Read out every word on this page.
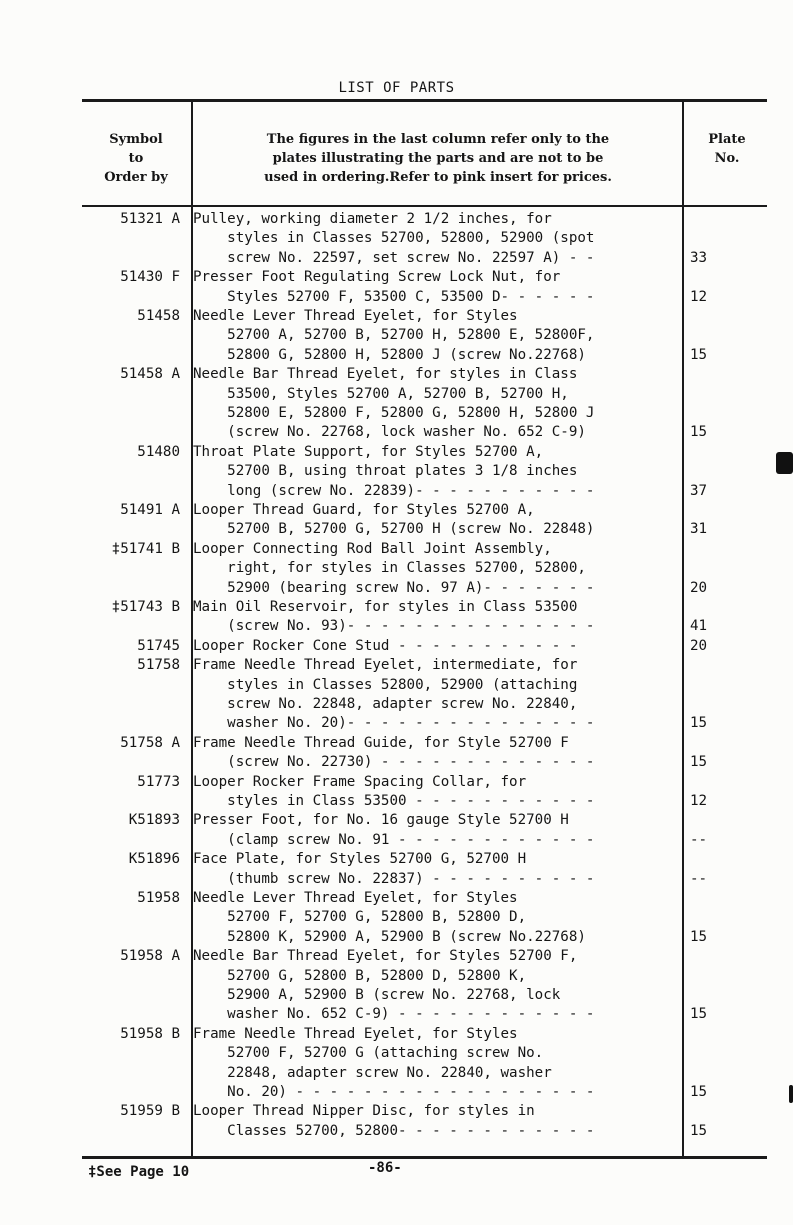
LIST OF PARTS
Symbol
to
Order by
The figures in the last column refer only to the
plates illustrating the parts and are not to be
used in ordering.Refer to pink insert for prices.
Plate
No.
51321 A Pulley, working diameter 2 1/2 inches, for
styles in Classes 52700, 52800, 52900 (spot
screw No. 22597, set screw No. 22597 A) - -	33
51430 F Presser Foot Regulating Screw Lock Nut, for
Styles 52700 F, 53500 C, 53500 D- - - - - -	12
51458 Needle Lever Thread Eyelet, for Styles
52700 A, 52700 B, 52700 H, 52800 E, 52800F,
52800 G, 52800 H, 52800 J (screw No.22768)	15
51458 A Needle Bar Thread Eyelet, for styles in Class
53500, Styles 52700 A, 52700 B, 52700 H,
52800 E, 52800 F, 52800 G, 52800 H, 52800 J
(screw No. 22768, lock washer No. 652 C-9)	15
51480 Throat Plate Support, for Styles 52700 A,
52700 B, using throat plates 3 1/8 inches
long (screw No. 22839)- - - - - - - - - - -	37
51491 A Looper Thread Guard, for Styles 52700 A,
52700 B, 52700 G, 52700 H (screw No. 22848)	31
‡51741 B Looper Connecting Rod Ball Joint Assembly,
right, for styles in Classes 52700, 52800,
52900 (bearing screw No. 97 A)- - - - - - -	20
‡51743 B Main Oil Reservoir, for styles in Class 53500
(screw No. 93)- - - - - - - - - - - - - - -	41
51745 Looper Rocker Cone Stud - - - - - - - - - - -	20
51758 Frame Needle Thread Eyelet, intermediate, for
styles in Classes 52800, 52900 (attaching
screw No. 22848, adapter screw No. 22840,
washer No. 20)- - - - - - - - - - - - - - -	15
51758 A Frame Needle Thread Guide, for Style 52700 F
(screw No. 22730) - - - - - - - - - - - - -	15
51773 Looper Rocker Frame Spacing Collar, for
styles in Class 53500 - - - - - - - - - - -	12
K51893 Presser Foot, for No. 16 gauge Style 52700 H
(clamp screw No. 91 - - - - - - - - - - - -	--
K51896 Face Plate, for Styles 52700 G, 52700 H
(thumb screw No. 22837) - - - - - - - - - -	--
51958 Needle Lever Thread Eyelet, for Styles
52700 F, 52700 G, 52800 B, 52800 D,
52800 K, 52900 A, 52900 B (screw No.22768)	15
51958 A Needle Bar Thread Eyelet, for Styles 52700 F,
52700 G, 52800 B, 52800 D, 52800 K,
52900 A, 52900 B (screw No. 22768, lock
washer No. 652 C-9) - - - - - - - - - - - -	15
51958 B Frame Needle Thread Eyelet, for Styles
52700 F, 52700 G (attaching screw No.
22848, adapter screw No. 22840, washer
No. 20) - - - - - - - - - - - - - - - - - -	15
51959 B Looper Thread Nipper Disc, for styles in
Classes 52700, 52800- - - - - - - - - - - -	15
‡See Page 10	-86-
